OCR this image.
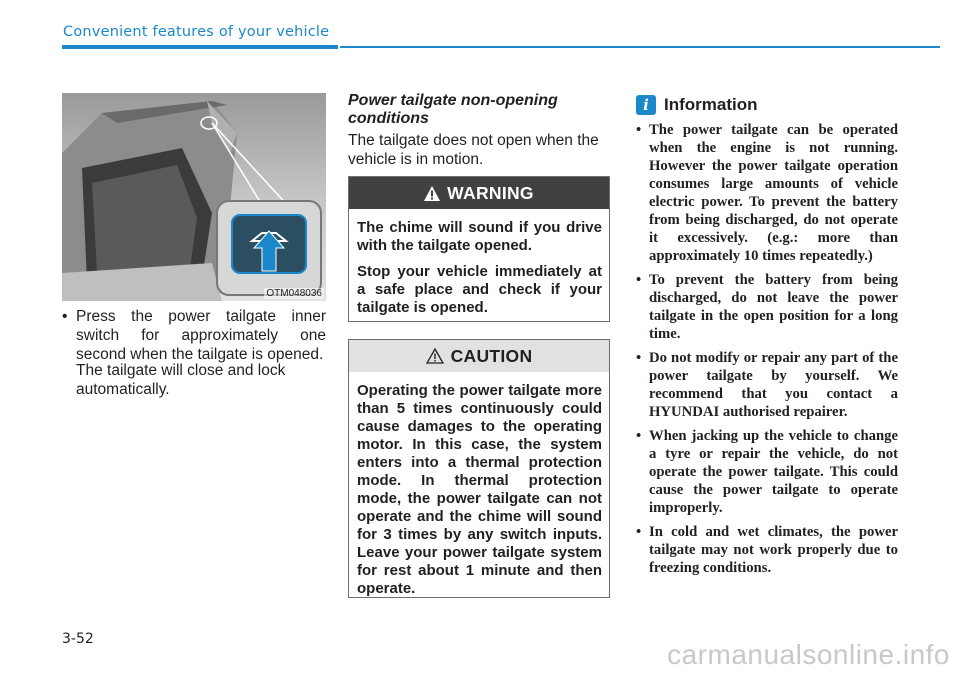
Convenient features of your vehicle
OTM048036
• Press the power tailgate inner switch for approximately one second when the tailgate is opened.
The tailgate will close and lock automatically.
Power tailgate non-opening conditions
The tailgate does not open when the vehicle is in motion.
WARNING

The chime will sound if you drive with the tailgate opened.

Stop your vehicle immediately at a safe place and check if your tailgate is opened.

CAUTION

Operating the power tailgate more than 5 times continuously could cause damages to the operating motor. In this case, the system enters into a thermal protection mode. In thermal protection mode, the power tailgate can not operate and the chime will sound for 3 times by any switch inputs. Leave your power tailgate system for rest about 1 minute and then operate.

i Information
• The power tailgate can be operated when the engine is not running. However the power tailgate operation consumes large amounts of vehicle electric power. To prevent the battery from being discharged, do not operate it excessively. (e.g.: more than approximately 10 times repeatedly.)
• To prevent the battery from being discharged, do not leave the power tailgate in the open position for a long time.
• Do not modify or repair any part of the power tailgate by yourself. We recommend that you contact a HYUNDAI authorised repairer.
• When jacking up the vehicle to change a tyre or repair the vehicle, do not operate the power tailgate. This could cause the power tailgate to operate improperly.
• In cold and wet climates, the power tailgate may not work properly due to freezing conditions.
3-52	carmanualsonline.info
